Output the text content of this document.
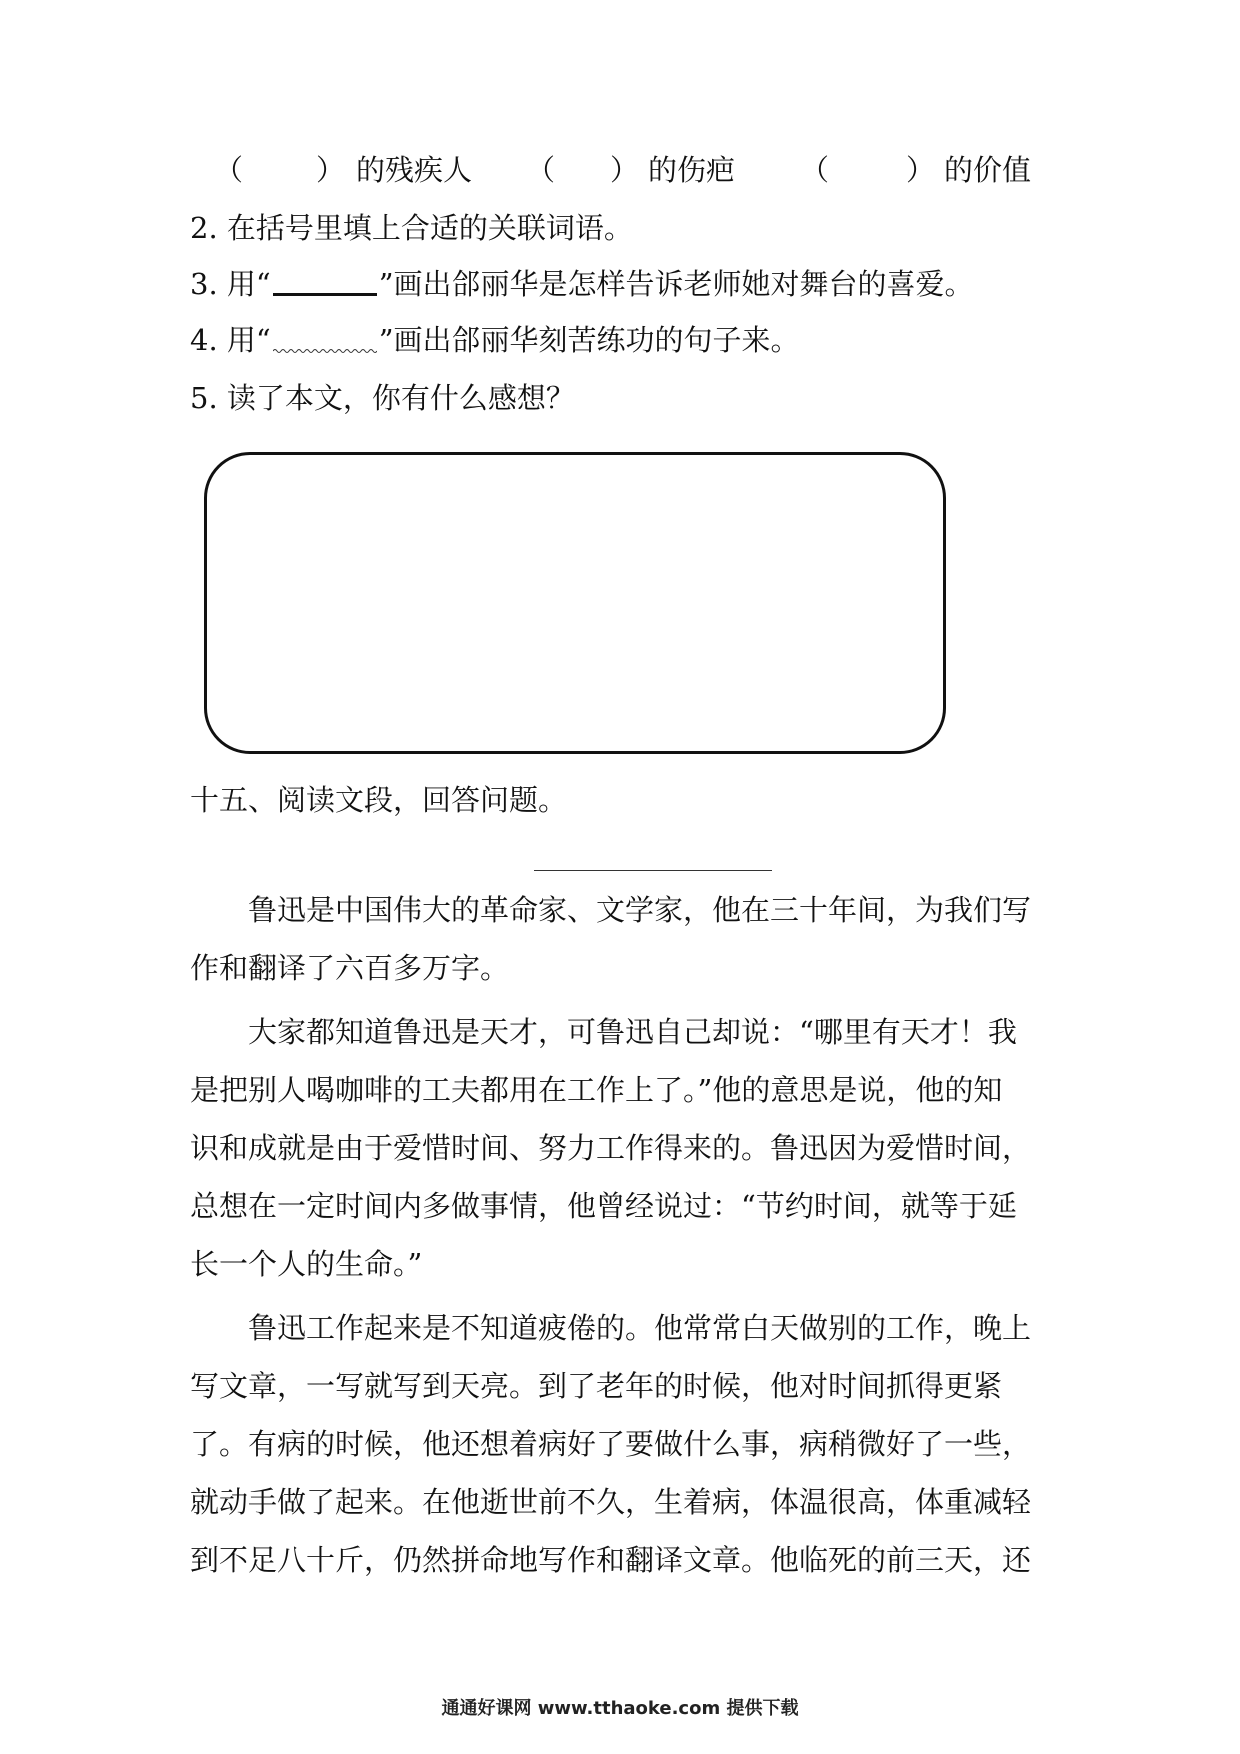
（	） 的残疾人 （ ） 的伤疤 （	） 的价值
2. 在括号里填上合适的关联词语。
3. 用“	”画出郃丽华是怎样告诉老师她对舞台的喜爱。
4. 用“	”画出郃丽华刻苦练功的句子来。
5. 读了本文，你有什么感想？
十五、阅读文段，回答问题。
　　鲁迅是中国伟大的革命家、文学家，他在三十年间，为我们写
作和翻译了六百多万字。
　　大家都知道鲁迅是天才，可鲁迅自己却说：“哪里有天才！我
是把别人喝咖啡的工夫都用在工作上了。”他的意思是说，他的知
识和成就是由于爱惜时间、努力工作得来的。鲁迅因为爱惜时间，
总想在一定时间内多做事情，他曾经说过：“节约时间，就等于延
长一个人的生命。”
　　鲁迅工作起来是不知道疲倦的。他常常白天做别的工作，晚上
写文章，一写就写到天亮。到了老年的时候，他对时间抓得更紧
了。有病的时候，他还想着病好了要做什么事，病稍微好了一些，
就动手做了起来。在他逝世前不久，生着病，体温很高，体重减轻
到不足八十斤，仍然拼命地写作和翻译文章。他临死的前三天，还
通通好课网 www.tthaoke.com 提供下载
